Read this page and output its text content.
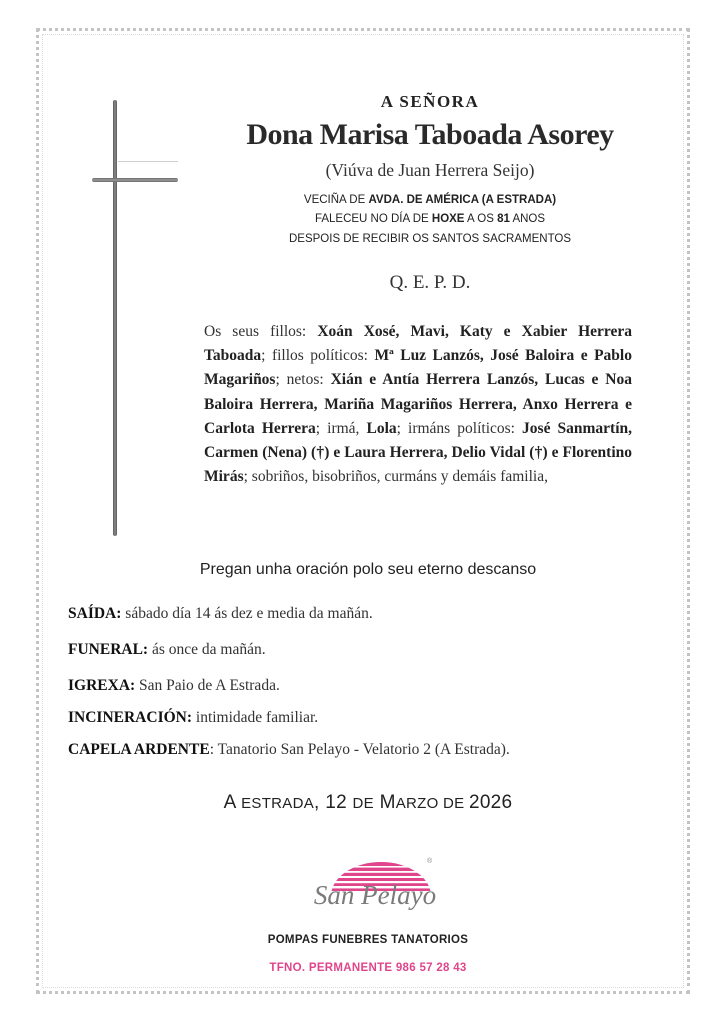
A SEÑORA
Dona Marisa Taboada Asorey
(Viúva de Juan Herrera Seijo)
VECIÑA DE AVDA. DE AMÉRICA (A ESTRADA)
FALECEU NO DÍA DE HOXE A OS 81 ANOS
DESPOIS DE RECIBIR OS SANTOS SACRAMENTOS
Q. E. P. D.
Os seus fillos: Xoán Xosé, Mavi, Katy e Xabier Herrera Taboada; fillos políticos: Mª Luz Lanzós, José Baloira e Pablo Magariños; netos: Xián e Antía Herrera Lanzós, Lucas e Noa Baloira Herrera, Mariña Magariños Herrera, Anxo Herrera e Carlota Herrera; irmá, Lola; irmáns políticos: José Sanmartín, Carmen (Nena) (†) e Laura Herrera, Delio Vidal (†) e Florentino Mirás; sobriños, bisobriños, curmáns y demáis familia,
Pregan unha oración polo seu eterno descanso
SAÍDA: sábado día 14 ás dez e media da mañán.
FUNERAL: ás once da mañán.
IGREXA: San Paio de A Estrada.
INCINERACIÓN: intimidade familiar.
CAPELA ARDENTE: Tanatorio San Pelayo - Velatorio 2 (A Estrada).
A ESTRADA, 12 DE MARZO DE 2026
®
San Pelayo
POMPAS FUNEBRES TANATORIOS
TFNO. PERMANENTE 986 57 28 43
